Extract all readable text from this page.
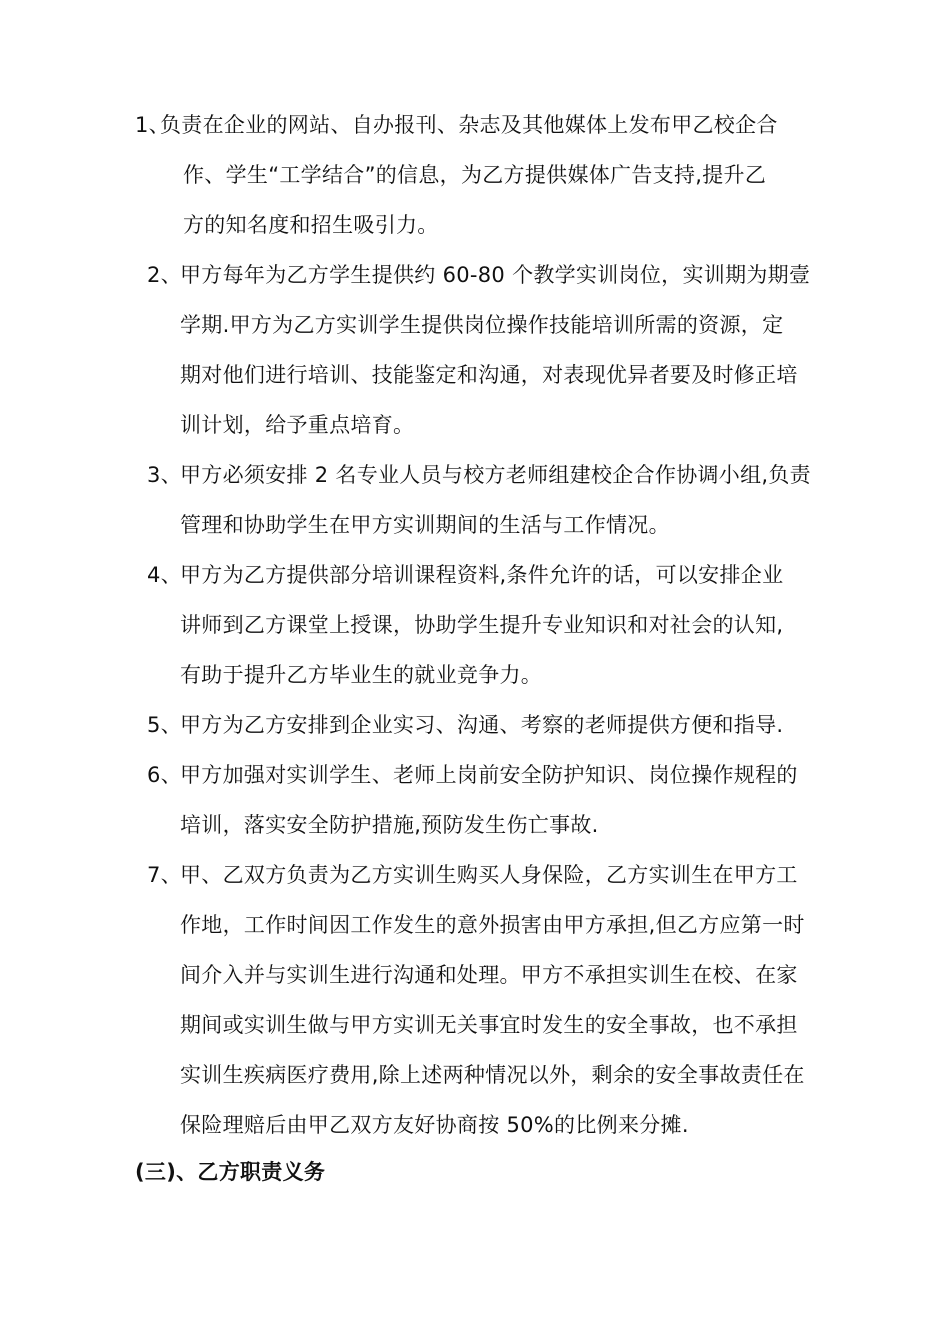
1、
负责在企业的网站、自办报刊、杂志及其他媒体上发布甲乙校企合
作、学生“工学结合”的信息，为乙方提供媒体广告支持,提升乙
方的知名度和招生吸引力。
2、
甲方每年为乙方学生提供约 60-80 个教学实训岗位，实训期为期壹
学期.甲方为乙方实训学生提供岗位操作技能培训所需的资源，定
期对他们进行培训、技能鉴定和沟通，对表现优异者要及时修正培
训计划，给予重点培育。
3、
甲方必须安排 2 名专业人员与校方老师组建校企合作协调小组,负责
管理和协助学生在甲方实训期间的生活与工作情况。
4、
甲方为乙方提供部分培训课程资料,条件允许的话，可以安排企业
讲师到乙方课堂上授课，协助学生提升专业知识和对社会的认知,
有助于提升乙方毕业生的就业竞争力。
5、
甲方为乙方安排到企业实习、沟通、考察的老师提供方便和指导.
6、
甲方加强对实训学生、老师上岗前安全防护知识、岗位操作规程的
培训，落实安全防护措施,预防发生伤亡事故.
7、
甲、乙双方负责为乙方实训生购买人身保险，乙方实训生在甲方工
作地，工作时间因工作发生的意外损害由甲方承担,但乙方应第一时
间介入并与实训生进行沟通和处理。甲方不承担实训生在校、在家
期间或实训生做与甲方实训无关事宜时发生的安全事故，也不承担
实训生疾病医疗费用,除上述两种情况以外，剩余的安全事故责任在
保险理赔后由甲乙双方友好协商按 50%的比例来分摊.
(三)、乙方职责义务
